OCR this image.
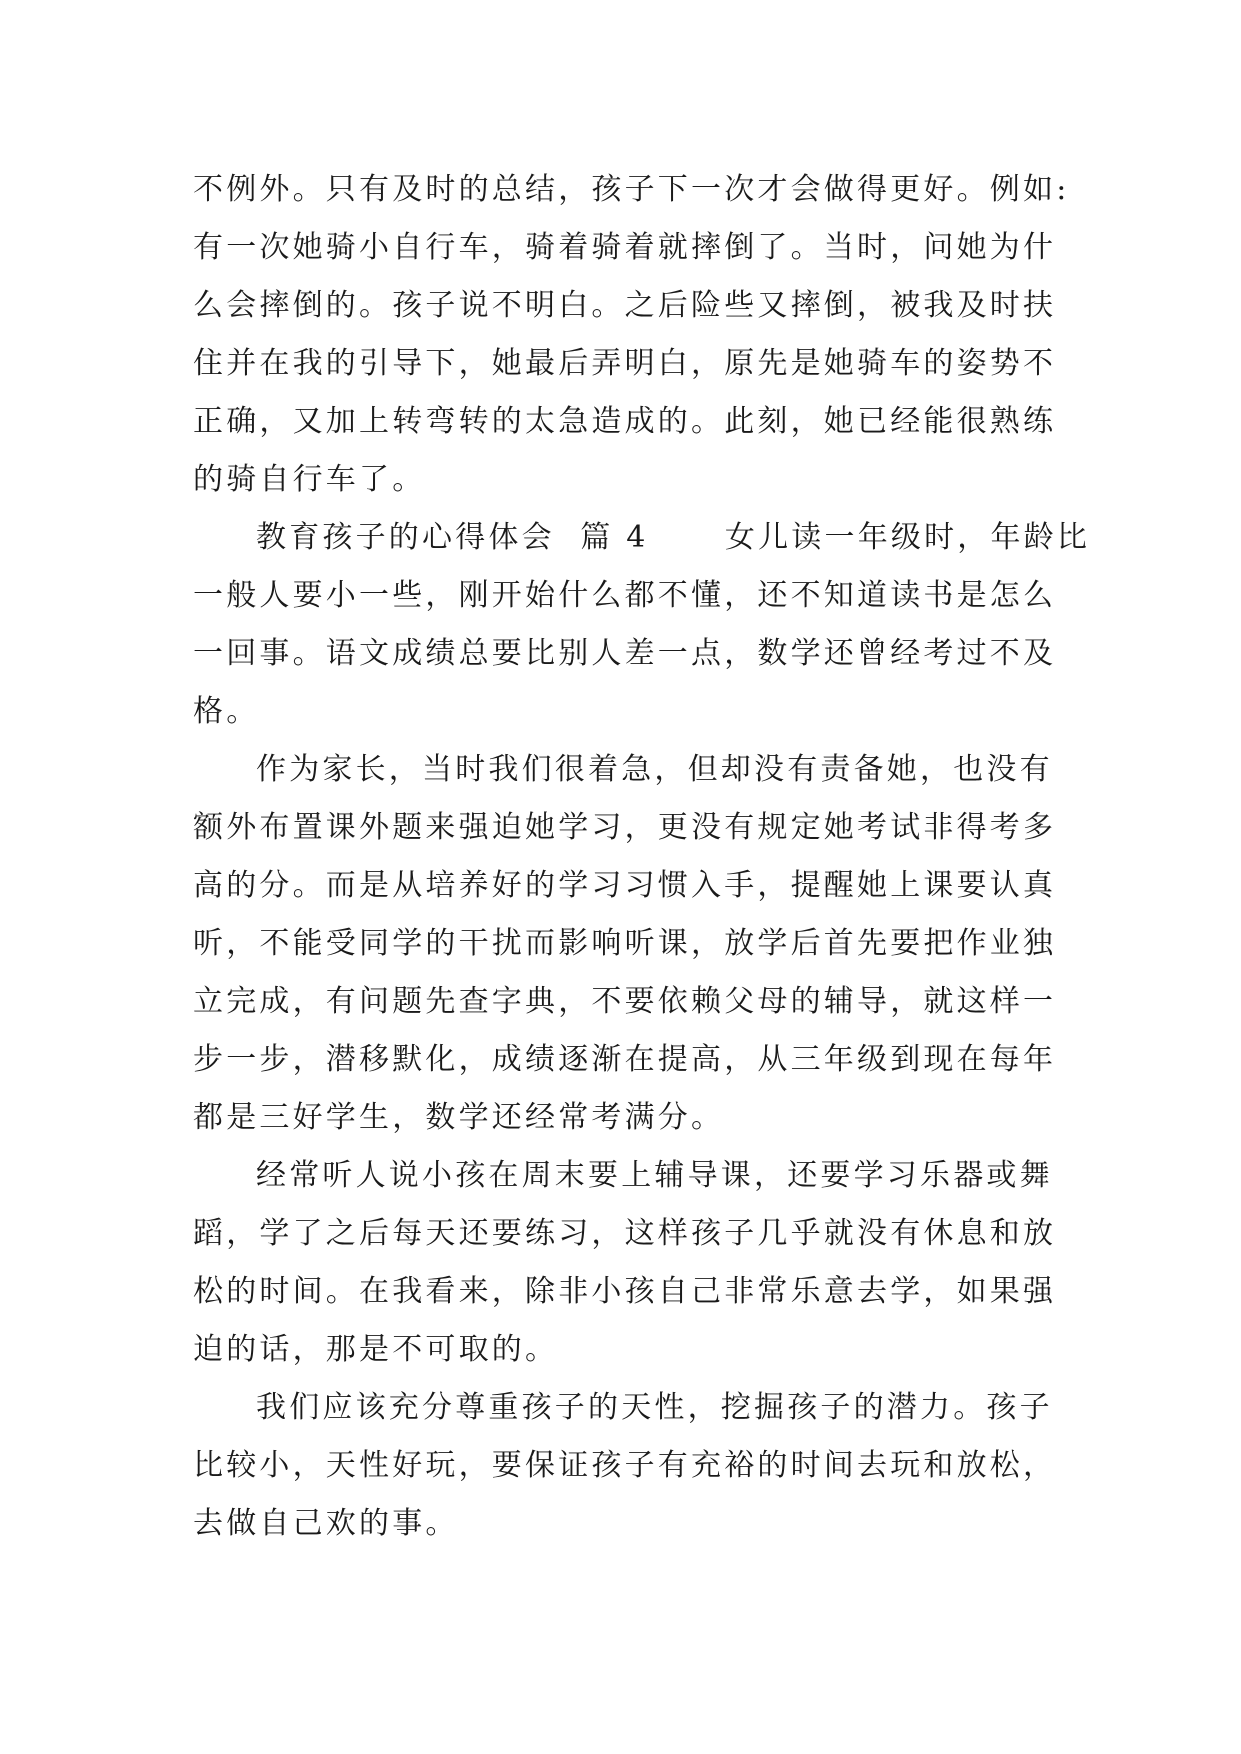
不例外。只有及时的总结，孩子下一次才会做得更好。例如:
有一次她骑小自行车，骑着骑着就摔倒了。当时，问她为什
么会摔倒的。孩子说不明白。之后险些又摔倒，被我及时扶
住并在我的引导下，她最后弄明白，原先是她骑车的姿势不
正确，又加上转弯转的太急造成的。此刻，她已经能很熟练
的骑自行车了。
教育孩子的心得体会  篇 4      女儿读一年级时，年龄比
一般人要小一些，刚开始什么都不懂，还不知道读书是怎么
一回事。语文成绩总要比别人差一点，数学还曾经考过不及
格。
作为家长，当时我们很着急，但却没有责备她，也没有
额外布置课外题来强迫她学习，更没有规定她考试非得考多
高的分。而是从培养好的学习习惯入手，提醒她上课要认真
听，不能受同学的干扰而影响听课，放学后首先要把作业独
立完成，有问题先查字典，不要依赖父母的辅导，就这样一
步一步，潜移默化，成绩逐渐在提高，从三年级到现在每年
都是三好学生，数学还经常考满分。
经常听人说小孩在周末要上辅导课，还要学习乐器或舞
蹈，学了之后每天还要练习，这样孩子几乎就没有休息和放
松的时间。在我看来，除非小孩自己非常乐意去学，如果强
迫的话，那是不可取的。
我们应该充分尊重孩子的天性，挖掘孩子的潜力。孩子
比较小，天性好玩，要保证孩子有充裕的时间去玩和放松，
去做自己欢的事。
